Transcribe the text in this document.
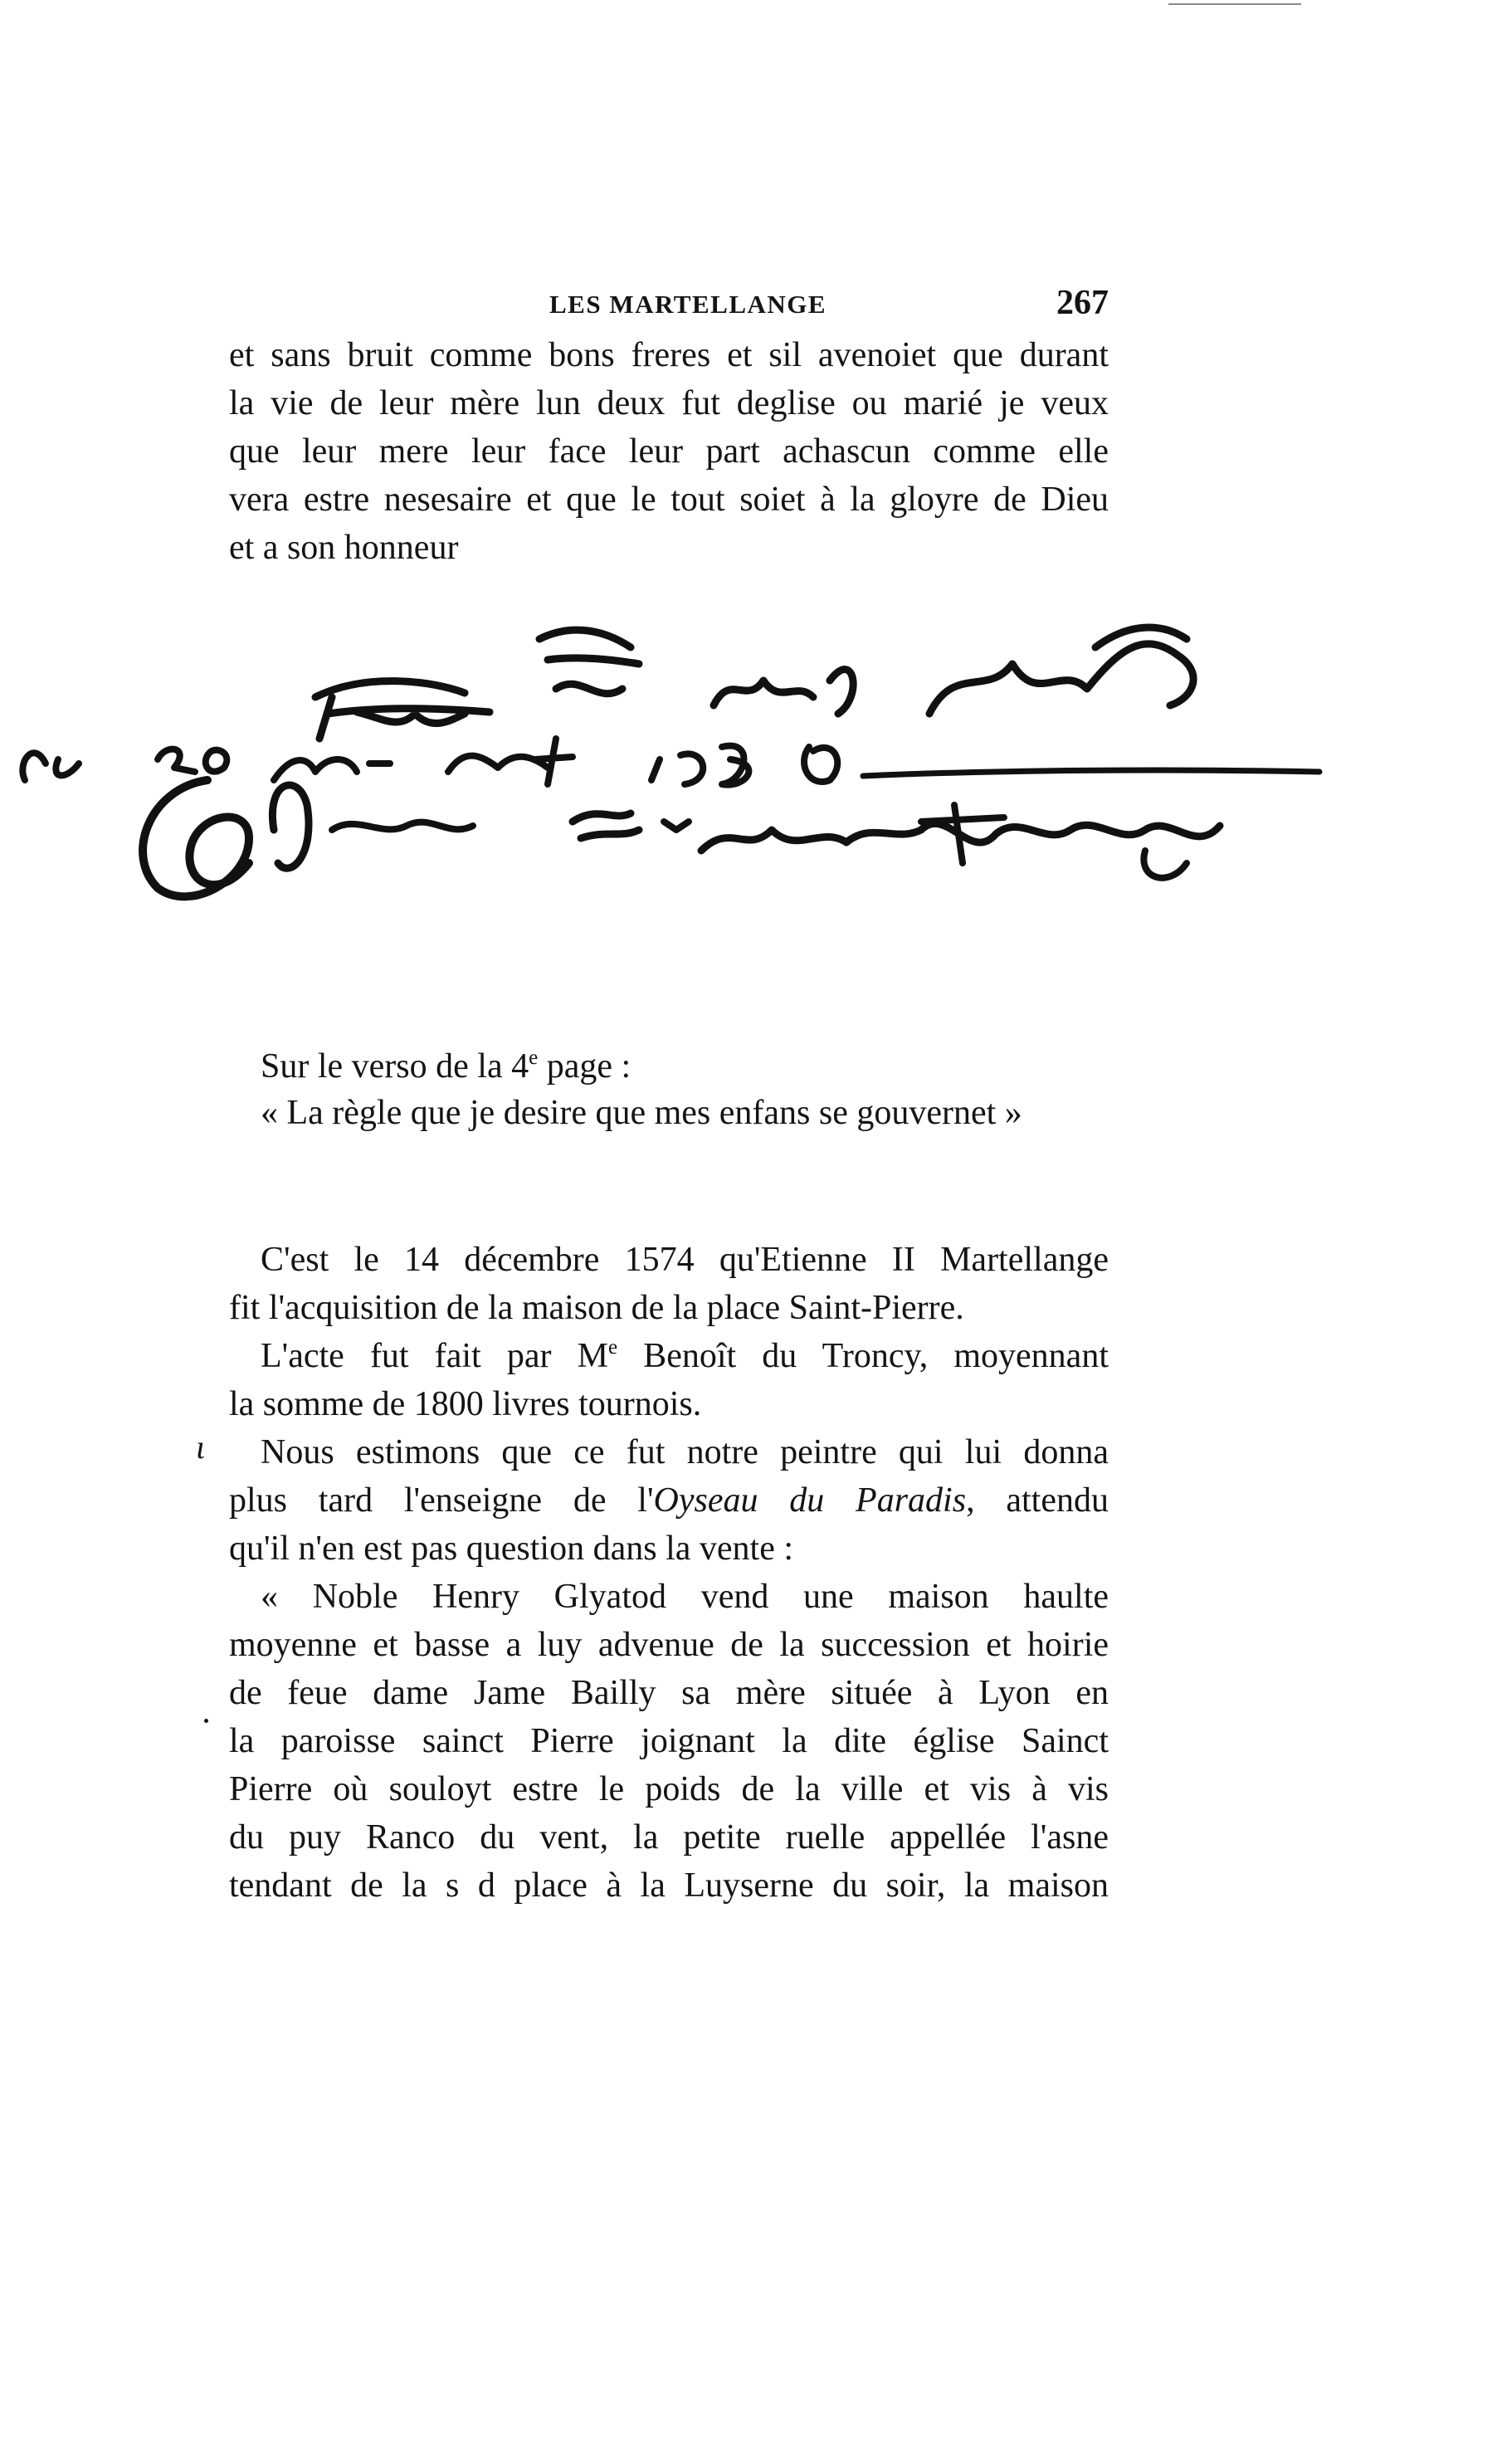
LES MARTELLANGE	267
et sans bruit comme bons freres et sil avenoiet que durant
la vie de leur mère lun deux fut deglise ou marié je veux
que leur mere leur face leur part achascun comme elle
vera estre nesesaire et que le tout soiet à la gloyre de Dieu
et a son honneur
Sur le verso de la 4e page :
« La règle que je desire que mes enfans se gouvernet »
C'est le 14 décembre 1574 qu'Etienne II Martellange
fit l'acquisition de la maison de la place Saint-Pierre.
L'acte fut fait par Me Benoît du Troncy, moyennant
la somme de 1800 livres tournois.
Nous estimons que ce fut notre peintre qui lui donna
plus tard l'enseigne de l'Oyseau du Paradis, attendu
qu'il n'en est pas question dans la vente :
« Noble Henry Glyatod vend une maison haulte
moyenne et basse a luy advenue de la succession et hoirie
de feue dame Jame Bailly sa mère située à Lyon en
la paroisse sainct Pierre joignant la dite église Sainct
Pierre où souloyt estre le poids de la ville et vis à vis
du puy Ranco du vent, la petite ruelle appellée l'asne
tendant de la s d place à la Luyserne du soir, la maison
ɩ
